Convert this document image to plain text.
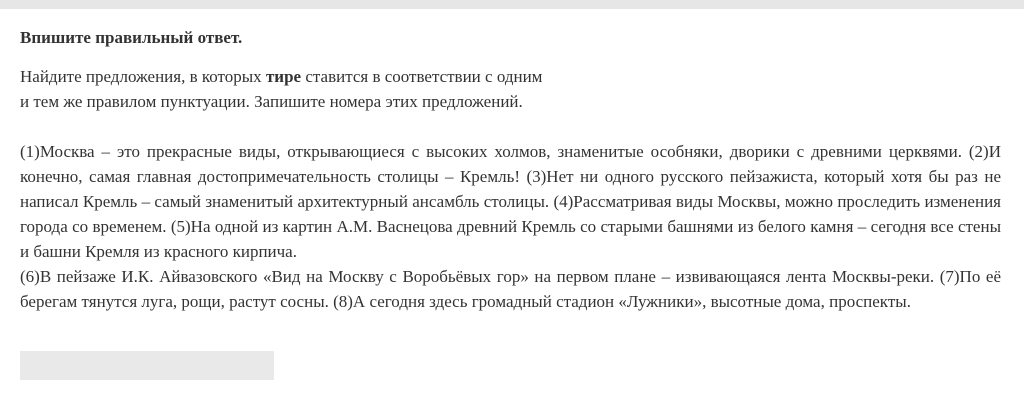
Впишите правильный ответ.
Найдите предложения, в которых тире ставится в соответствии с одним
и тем же правилом пунктуации. Запишите номера этих предложений.

(1)Москва – это прекрасные виды, открывающиеся с высоких холмов, знаменитые особняки, дворики с древними церквями. (2)И конечно, самая главная достопримечательность столицы – Кремль! (3)Нет ни одного русского пейзажиста, который хотя бы раз не написал Кремль – самый знаменитый архитектурный ансамбль столицы. (4)Рассматривая виды Москвы, можно проследить изменения города со временем. (5)На одной из картин А.М. Васнецова древний Кремль со старыми башнями из белого камня – сегодня все стены и башни Кремля из красного кирпича.

(6)В пейзаже И.К. Айвазовского «Вид на Москву с Воробьёвых гор» на первом плане – извивающаяся лента Москвы-реки. (7)По её берегам тянутся луга, рощи, растут сосны. (8)А сегодня здесь громадный стадион «Лужники», высотные дома, проспекты.
